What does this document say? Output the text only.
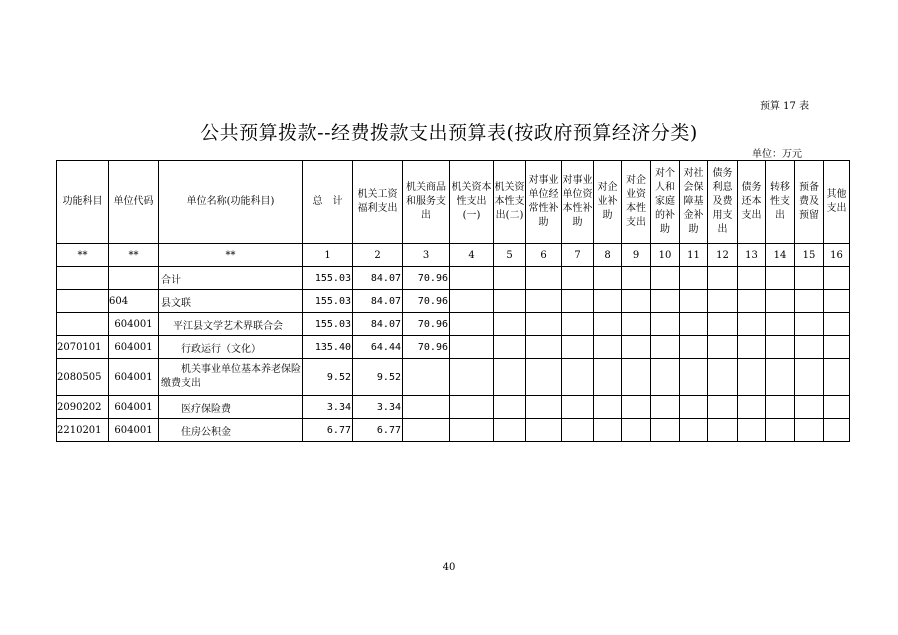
预算 17 表
公共预算拨款--经费拨款支出预算表(按政府预算经济分类)
单位：万元
功能科目	单位代码	单位名称(功能科目)	总　计	机关工资福利支出	机关商品和服务支出	机关资本性支出(一)	机关资本性支出(二)	对事业单位经常性补助	对事业单位资本性补助	对企业补助	对企业资本性支出	对个人和家庭的补助	对社会保障基金补助	债务利息及费用支出	债务还本支出	转移性支出	预备费及预留	其他支出
**	**	**	1	2	3	4	5	6	7	8	9	10	11	12	13	14	15	16
		合计	155.03	84.07	70.96													
	604	县文联	155.03	84.07	70.96													
	604001	平江县文学艺术界联合会	155.03	84.07	70.96													
2070101	604001	行政运行（文化）	135.40	64.44	70.96													
2080505	604001	机关事业单位基本养老保险缴费支出	9.52	9.52														
2090202	604001	医疗保险费	3.34	3.34														
2210201	604001	住房公积金	6.77	6.77														
40
